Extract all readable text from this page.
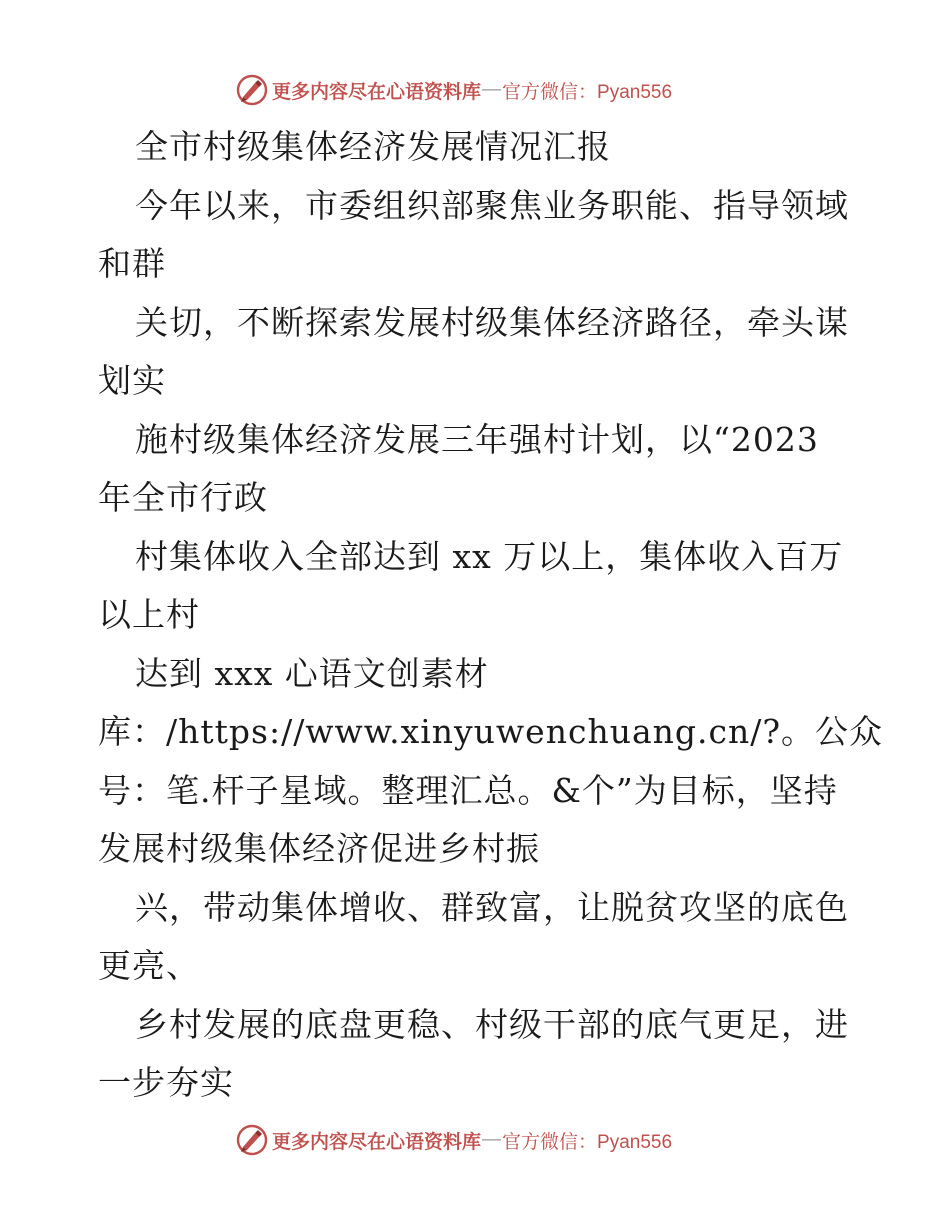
更多内容尽在心语资料库 — 官方微信：Pyan556
全市村级集体经济发展情况汇报
今年以来，市委组织部聚焦业务职能、指导领域
和群
关切，不断探索发展村级集体经济路径，牵头谋
划实
施村级集体经济发展三年强村计划，以“2023
年全市行政
村集体收入全部达到 xx 万以上，集体收入百万
以上村
达到 xxx 心语文创素材
库：/https://www.xinyuwenchuang.cn/?。公众
号：笔.杆子星域。整理汇总。&个”为目标，坚持
发展村级集体经济促进乡村振
兴，带动集体增收、群致富，让脱贫攻坚的底色
更亮、
乡村发展的底盘更稳、村级干部的底气更足，进
一步夯实
更多内容尽在心语资料库 — 官方微信：Pyan556
